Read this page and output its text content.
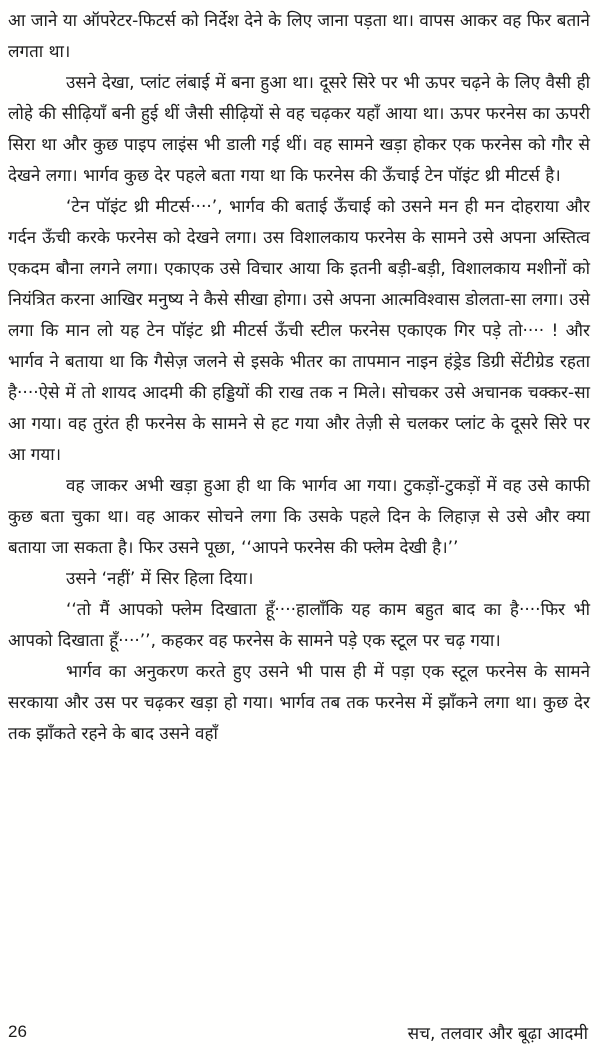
आ जाने या ऑपरेटर-फिटर्स को निर्देश देने के लिए जाना पड़ता था। वापस आकर वह फिर बताने लगता था।

उसने देखा, प्लांट लंबाई में बना हुआ था। दूसरे सिरे पर भी ऊपर चढ़ने के लिए वैसी ही लोहे की सीढ़ियाँ बनी हुई थीं जैसी सीढ़ियों से वह चढ़कर यहाँ आया था। ऊपर फरनेस का ऊपरी सिरा था और कुछ पाइप लाइंस भी डाली गई थीं। वह सामने खड़ा होकर एक फरनेस को गौर से देखने लगा। भार्गव कुछ देर पहले बता गया था कि फरनेस की ऊँचाई टेन पॉइंट थ्री मीटर्स है।

‘टेन पॉइंट थ्री मीटर्स····’, भार्गव की बताई ऊँचाई को उसने मन ही मन दोहराया और गर्दन ऊँची करके फरनेस को देखने लगा। उस विशालकाय फरनेस के सामने उसे अपना अस्तित्व एकदम बौना लगने लगा। एकाएक उसे विचार आया कि इतनी बड़ी-बड़ी, विशालकाय मशीनों को नियंत्रित करना आखिर मनुष्य ने कैसे सीखा होगा। उसे अपना आत्मविश्वास डोलता-सा लगा। उसे लगा कि मान लो यह टेन पॉइंट थ्री मीटर्स ऊँची स्टील फरनेस एकाएक गिर पड़े तो···· ! और भार्गव ने बताया था कि गैसेज़ जलने से इसके भीतर का तापमान नाइन हंड्रेड डिग्री सेंटीग्रेड रहता है····ऐसे में तो शायद आदमी की हड्डियों की राख तक न मिले। सोचकर उसे अचानक चक्कर-सा आ गया। वह तुरंत ही फरनेस के सामने से हट गया और तेज़ी से चलकर प्लांट के दूसरे सिरे पर आ गया।

वह जाकर अभी खड़ा हुआ ही था कि भार्गव आ गया। टुकड़ों-टुकड़ों में वह उसे काफी कुछ बता चुका था। वह आकर सोचने लगा कि उसके पहले दिन के लिहाज़ से उसे और क्या बताया जा सकता है। फिर उसने पूछा, ‘‘आपने फरनेस की फ्लेम देखी है।’’

उसने ‘नहीं’ में सिर हिला दिया।

‘‘तो मैं आपको फ्लेम दिखाता हूँ····हालाँकि यह काम बहुत बाद का है····फिर भी आपको दिखाता हूँ····’’, कहकर वह फरनेस के सामने पड़े एक स्टूल पर चढ़ गया।

भार्गव का अनुकरण करते हुए उसने भी पास ही में पड़ा एक स्टूल फरनेस के सामने सरकाया और उस पर चढ़कर खड़ा हो गया। भार्गव तब तक फरनेस में झाँकने लगा था। कुछ देर तक झाँकते रहने के बाद उसने वहाँ

26	सच, तलवार और बूढ़ा आदमी
